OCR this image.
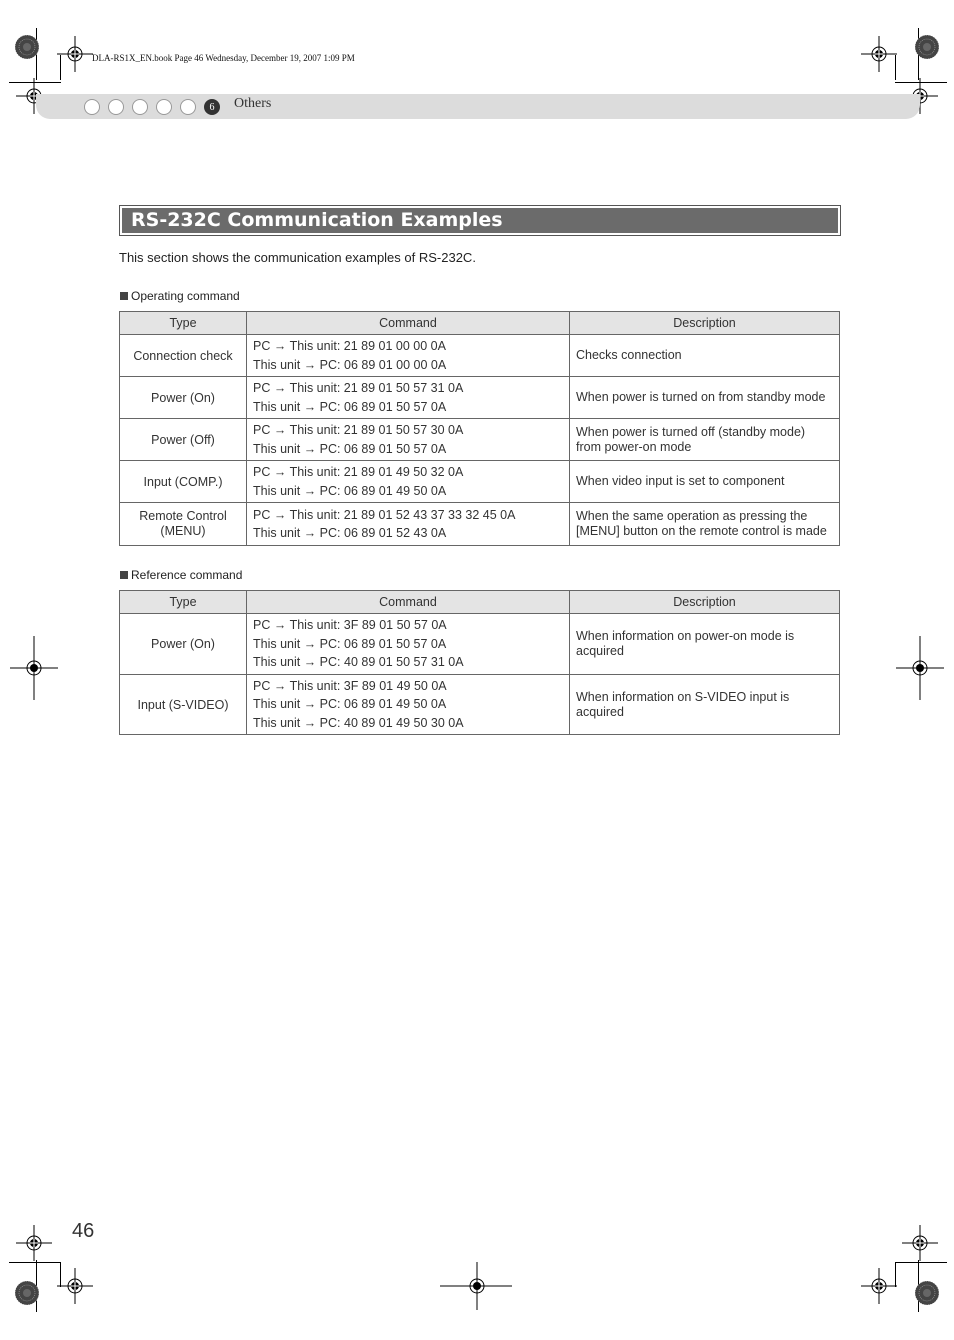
DLA-RS1X_EN.book Page 46 Wednesday, December 19, 2007 1:09 PM
6	Others
RS-232C Communication Examples
This section shows the communication examples of RS-232C.
Operating command
Type	Command	Description
Connection check	PC → This unit: 21 89 01 00 00 0A
This unit → PC: 06 89 01 00 00 0A	Checks connection
Power (On)	PC → This unit: 21 89 01 50 57 31 0A
This unit → PC: 06 89 01 50 57 0A	When power is turned on from standby mode
Power (Off)	PC → This unit: 21 89 01 50 57 30 0A
This unit → PC: 06 89 01 50 57 0A	When power is turned off (standby mode) from power-on mode
Input (COMP.)	PC → This unit: 21 89 01 49 50 32 0A
This unit → PC: 06 89 01 49 50 0A	When video input is set to component
Remote Control (MENU)	PC → This unit: 21 89 01 52 43 37 33 32 45 0A
This unit → PC: 06 89 01 52 43 0A	When the same operation as pressing the [MENU] button on the remote control is made
Reference command
Type	Command	Description
Power (On)	PC → This unit: 3F 89 01 50 57 0A
This unit → PC: 06 89 01 50 57 0A
This unit → PC: 40 89 01 50 57 31 0A	When information on power-on mode is acquired
Input (S-VIDEO)	PC → This unit: 3F 89 01 49 50 0A
This unit → PC: 06 89 01 49 50 0A
This unit → PC: 40 89 01 49 50 30 0A	When information on S-VIDEO input is acquired
46
